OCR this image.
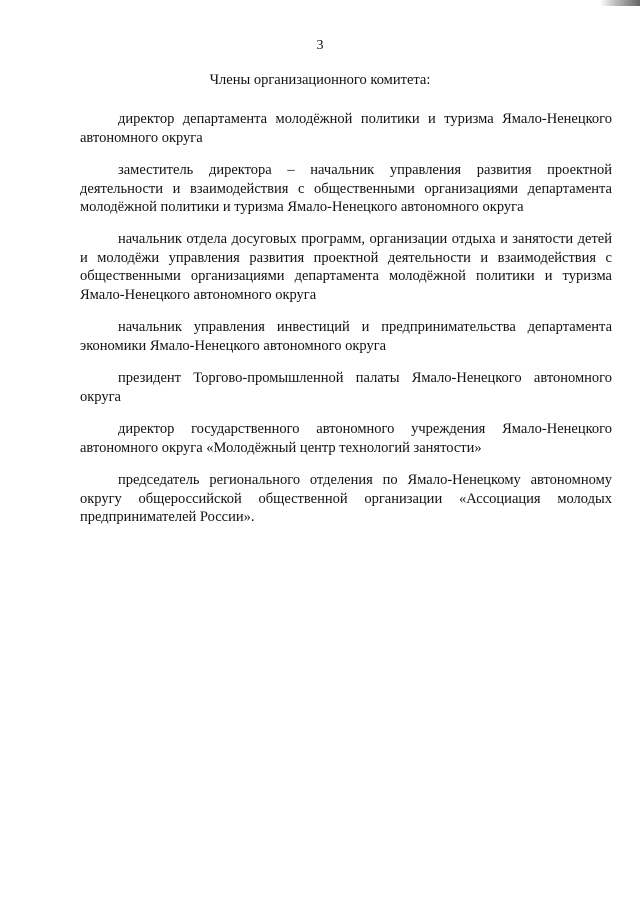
3
Члены организационного комитета:

директор департамента молодёжной политики и туризма Ямало-Ненецкого автономного округа

заместитель директора – начальник управления развития проектной деятельности и взаимодействия с общественными организациями департамента молодёжной политики и туризма Ямало-Ненецкого автономного округа

начальник отдела досуговых программ, организации отдыха и занятости детей и молодёжи управления развития проектной деятельности и взаимодействия с общественными организациями департамента молодёжной политики и туризма Ямало-Ненецкого автономного округа

начальник управления инвестиций и предпринимательства департамента экономики Ямало-Ненецкого автономного округа

президент Торгово-промышленной палаты Ямало-Ненецкого автономного округа

директор государственного автономного учреждения Ямало-Ненецкого автономного округа «Молодёжный центр технологий занятости»

председатель регионального отделения по Ямало-Ненецкому автономному округу общероссийской общественной организации «Ассоциация молодых предпринимателей России».
